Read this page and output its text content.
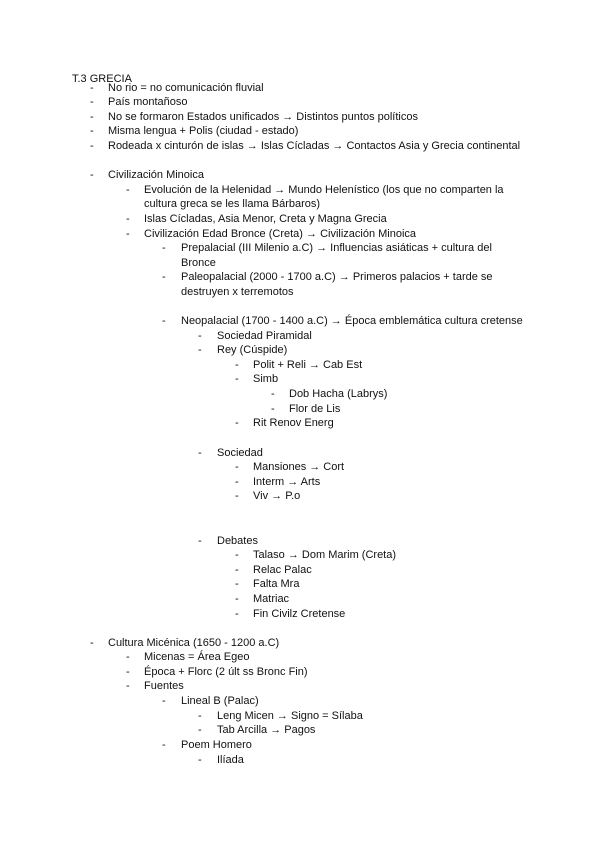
T.3 GRECIA
- No rio = no comunicación fluvial
- País montañoso
- No se formaron Estados unificados → Distintos puntos políticos
- Misma lengua + Polis (ciudad - estado)
- Rodeada x cinturón de islas → Islas Cícladas → Contactos Asia y Grecia continental
- Civilización Minoica
- Evolución de la Helenidad → Mundo Helenístico (los que no comparten la
cultura greca se les llama Bárbaros)
- Islas Cícladas, Asia Menor, Creta y Magna Grecia
- Civilización Edad Bronce (Creta) → Civilización Minoica
- Prepalacial (III Milenio a.C) → Influencias asiáticas + cultura del
Bronce
- Paleopalacial (2000 - 1700 a.C) → Primeros palacios + tarde se
destruyen x terremotos
- Neopalacial (1700 - 1400 a.C) → Época emblemática cultura cretense
- Sociedad Piramidal
- Rey (Cúspide)
- Polit + Reli → Cab Est
- Simb
- Dob Hacha (Labrys)
- Flor de Lis
- Rit Renov Energ
- Sociedad
- Mansiones → Cort
- Interm → Arts
- Viv → P.o
- Debates
- Talaso → Dom Marim (Creta)
- Relac Palac
- Falta Mra
- Matriac
- Fin Civilz Cretense
- Cultura Micénica (1650 - 1200 a.C)
- Micenas = Área Egeo
- Época + Florc (2 últ ss Bronc Fin)
- Fuentes
- Lineal B (Palac)
- Leng Micen → Signo = Sílaba
- Tab Arcilla → Pagos
- Poem Homero
- Ilíada
